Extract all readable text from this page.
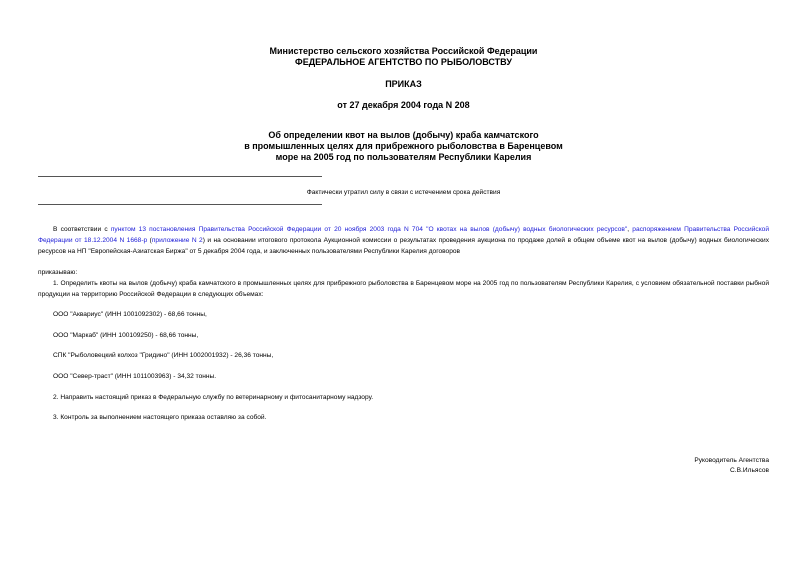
Министерство сельского хозяйства Российской Федерации
ФЕДЕРАЛЬНОЕ АГЕНТСТВО ПО РЫБОЛОВСТВУ
ПРИКАЗ
от 27 декабря 2004 года N 208
Об определении квот на вылов (добычу) краба камчатского
в промышленных целях для прибрежного рыболовства в Баренцевом
море на 2005 год по пользователям Республики Карелия
Фактически утратил силу в связи с истечением срока действия
В соответствии с пунктом 13 постановления Правительства Российской Федерации от 20 ноября 2003 года N 704 "О квотах на вылов (добычу) водных биологических ресурсов", распоряжением Правительства Российской Федерации от 18.12.2004 N 1668-р (приложение N 2) и на основании итогового протокола Аукционной комиссии о результатах проведения аукциона по продаже долей в общем объеме квот на вылов (добычу) водных биологических ресурсов на НП "Европейская-Азиатская Биржа" от 5 декабря 2004 года, и заключенных пользователями Республики Карелия договоров
приказываю:
1. Определить квоты на вылов (добычу) краба камчатского в промышленных целях для прибрежного рыболовства в Баренцевом море на 2005 год по пользователям Республики Карелия, с условием обязательной поставки рыбной продукции на территорию Российской Федерации в следующих объемах:
ООО "Аквариус" (ИНН 1001092302) - 68,66 тонны,
ООО "Маркаб" (ИНН 100109250) - 68,66 тонны,
СПК "Рыболовецкий колхоз "Гридино" (ИНН 1002001932) - 26,36 тонны,
ООО "Север-траст" (ИНН 1011003963) - 34,32 тонны.
2. Направить настоящий приказ в Федеральную службу по ветеринарному и фитосанитарному надзору.
3. Контроль за выполнением настоящего приказа оставляю за собой.
Руководитель Агентства
С.В.Ильясов
